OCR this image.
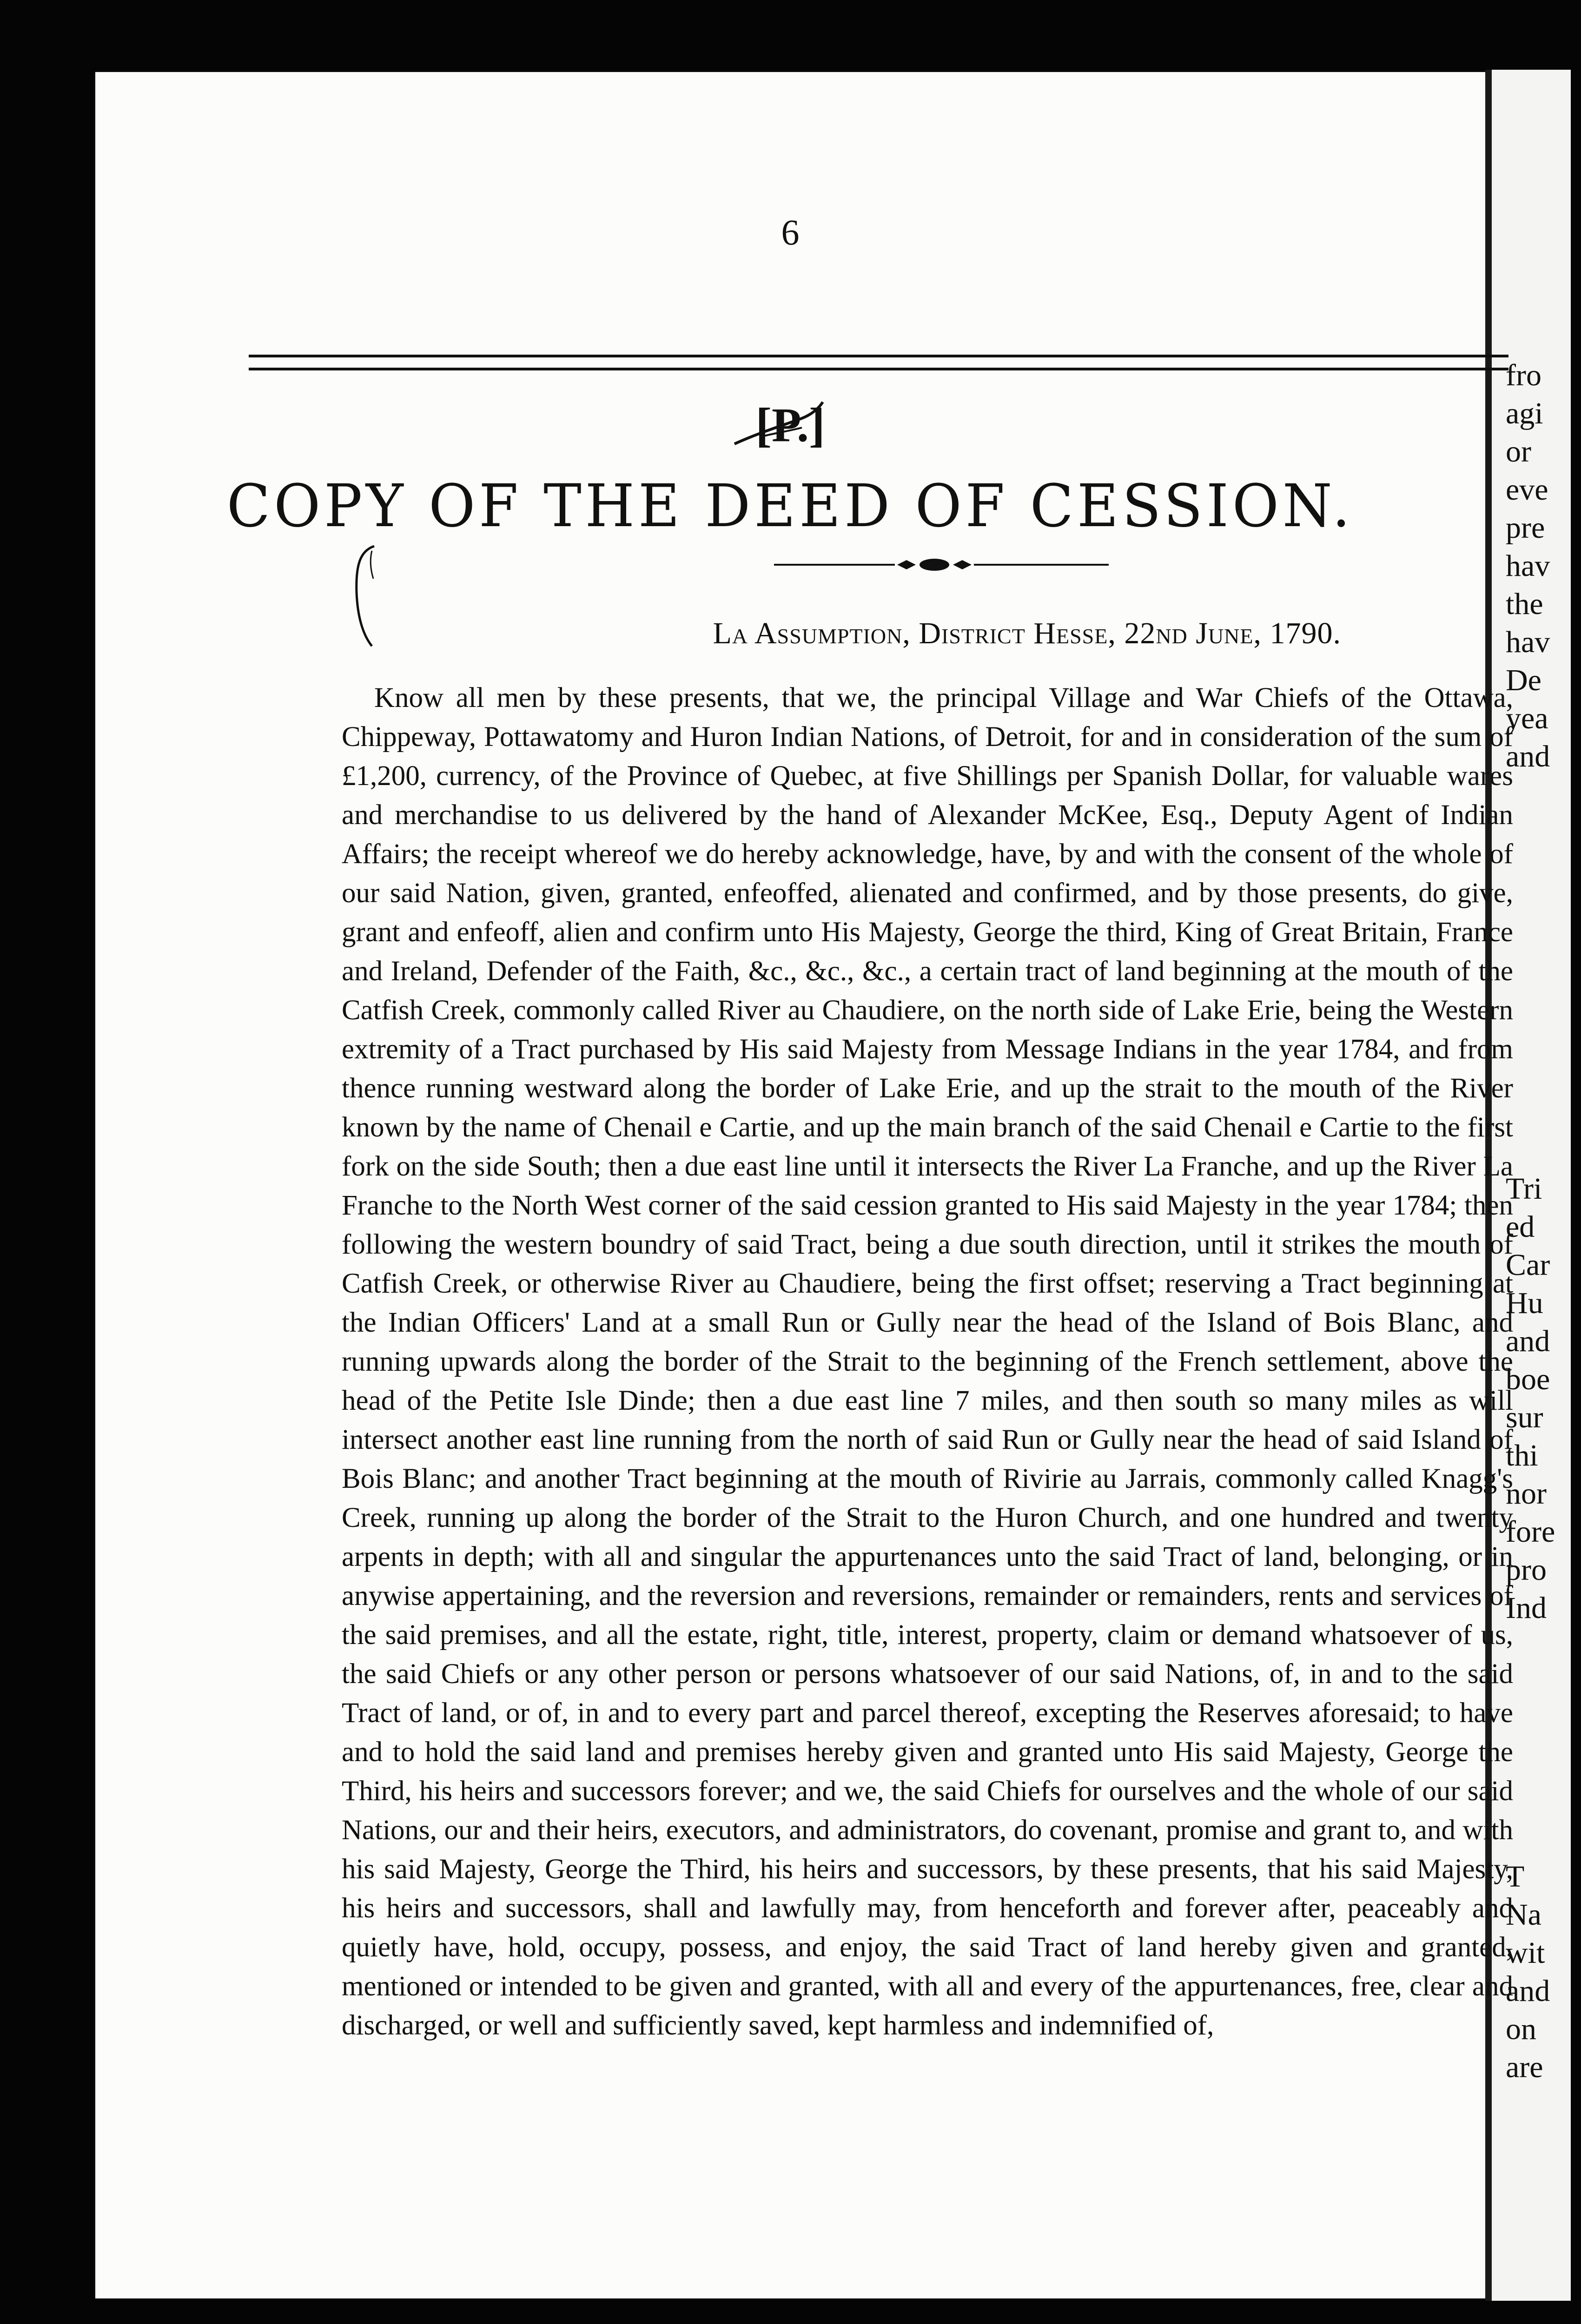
fro
agi
or
eve
pre
hav
the
hav
De
yea
and
Tri
ed
Car
Hu
and
boe
sur
thi
nor
fore
pro
Ind
T
Na
wit
and
on
are
6
[P.]
COPY OF THE DEED OF CESSION.
La Assumption, District Hesse, 22nd June, 1790.

Know all men by these presents, that we, the principal Village and War Chiefs of the Ottawa, Chippeway, Pottawatomy and Huron Indian Nations, of Detroit, for and in consideration of the sum of £1,200, currency, of the Province of Quebec, at five Shillings per Spanish Dollar, for valuable wares and merchandise to us delivered by the hand of Alexander McKee, Esq., Deputy Agent of Indian Affairs; the receipt whereof we do hereby acknowledge, have, by and with the consent of the whole of our said Nation, given, granted, enfeoffed, alienated and confirmed, and by those presents, do give, grant and enfeoff, alien and confirm unto His Majesty, George the third, King of Great Britain, France and Ireland, Defender of the Faith, &c., &c., &c., a certain tract of land beginning at the mouth of the Catfish Creek, commonly called River au Chaudiere, on the north side of Lake Erie, being the Western extremity of a Tract purchased by His said Majesty from Message Indians in the year 1784, and from thence running westward along the border of Lake Erie, and up the strait to the mouth of the River known by the name of Chenail e Cartie, and up the main branch of the said Chenail e Cartie to the first fork on the side South; then a due east line until it intersects the River La Franche, and up the River La Franche to the North West corner of the said cession granted to His said Majesty in the year 1784; then following the western boundry of said Tract, being a due south direction, until it strikes the mouth of Catfish Creek, or otherwise River au Chaudiere, being the first offset; reserving a Tract beginning at the Indian Officers' Land at a small Run or Gully near the head of the Island of Bois Blanc, and running upwards along the border of the Strait to the beginning of the French settlement, above the head of the Petite Isle Dinde; then a due east line 7 miles, and then south so many miles as will intersect another east line running from the north of said Run or Gully near the head of said Island of Bois Blanc; and another Tract beginning at the mouth of Rivirie au Jarrais, commonly called Knagg's Creek, running up along the border of the Strait to the Huron Church, and one hundred and twenty arpents in depth; with all and singular the appurtenances unto the said Tract of land, belonging, or in anywise appertaining, and the reversion and reversions, remainder or remainders, rents and services of the said premises, and all the estate, right, title, interest, property, claim or demand whatsoever of us, the said Chiefs or any other person or persons whatsoever of our said Nations, of, in and to the said Tract of land, or of, in and to every part and parcel thereof, excepting the Reserves aforesaid; to have and to hold the said land and premises hereby given and granted unto His said Majesty, George the Third, his heirs and successors forever; and we, the said Chiefs for ourselves and the whole of our said Nations, our and their heirs, executors, and administrators, do covenant, promise and grant to, and with his said Majesty, George the Third, his heirs and successors, by these presents, that his said Majesty, his heirs and successors, shall and lawfully may, from henceforth and forever after, peaceably and quietly have, hold, occupy, possess, and enjoy, the said Tract of land hereby given and granted, mentioned or intended to be given and granted, with all and every of the appurtenances, free, clear and discharged, or well and sufficiently saved, kept harmless and indemnified of,
